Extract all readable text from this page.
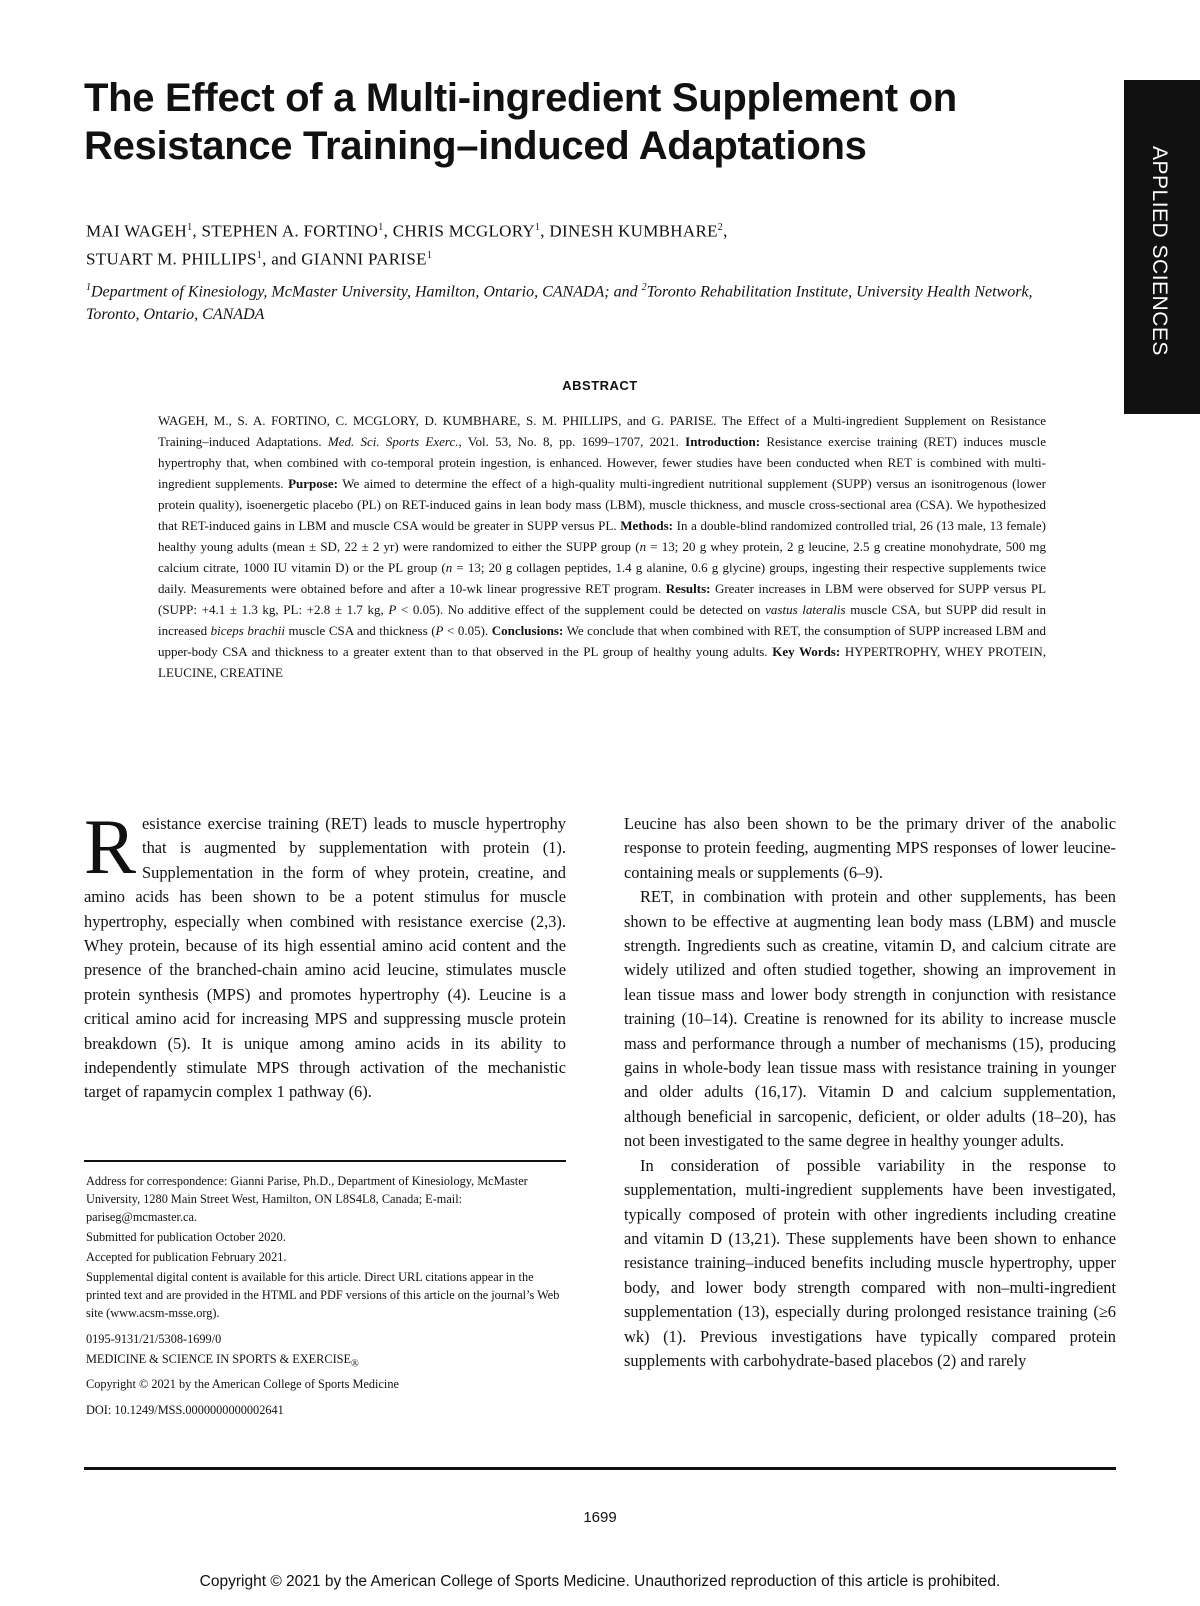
The Effect of a Multi-ingredient Supplement on
Resistance Training–induced Adaptations	APPLIED SCIENCES
MAI WAGEH$^1$, STEPHEN A. FORTINO$^1$, CHRIS MCGLORY$^1$, DINESH KUMBHARE$^2$,
STUART M. PHILLIPS$^1$, and GIANNI PARISE$^1$
$^1$Department of Kinesiology, McMaster University, Hamilton, Ontario, CANADA; and $^2$Toronto Rehabilitation Institute, University Health Network, Toronto, Ontario, CANADA
ABSTRACT
WAGEH, M., S. A. FORTINO, C. MCGLORY, D. KUMBHARE, S. M. PHILLIPS, and G. PARISE. The Effect of a Multi-ingredient Supplement on Resistance Training–induced Adaptations. Med. Sci. Sports Exerc., Vol. 53, No. 8, pp. 1699–1707, 2021. Introduction: Resistance exercise training (RET) induces muscle hypertrophy that, when combined with co-temporal protein ingestion, is enhanced. However, fewer studies have been conducted when RET is combined with multi-ingredient supplements. Purpose: We aimed to determine the effect of a high-quality multi-ingredient nutritional supplement (SUPP) versus an isonitrogenous (lower protein quality), isoenergetic placebo (PL) on RET-induced gains in lean body mass (LBM), muscle thickness, and muscle cross-sectional area (CSA). We hypothesized that RET-induced gains in LBM and muscle CSA would be greater in SUPP versus PL. Methods: In a double-blind randomized controlled trial, 26 (13 male, 13 female) healthy young adults (mean ± SD, 22 ± 2 yr) were randomized to either the SUPP group (n = 13; 20 g whey protein, 2 g leucine, 2.5 g creatine monohydrate, 500 mg calcium citrate, 1000 IU vitamin D) or the PL group (n = 13; 20 g collagen peptides, 1.4 g alanine, 0.6 g glycine) groups, ingesting their respective supplements twice daily. Measurements were obtained before and after a 10-wk linear progressive RET program. Results: Greater increases in LBM were observed for SUPP versus PL (SUPP: +4.1 ± 1.3 kg, PL: +2.8 ± 1.7 kg, P < 0.05). No additive effect of the supplement could be detected on vastus lateralis muscle CSA, but SUPP did result in increased biceps brachii muscle CSA and thickness (P < 0.05). Conclusions: We conclude that when combined with RET, the consumption of SUPP increased LBM and upper-body CSA and thickness to a greater extent than to that observed in the PL group of healthy young adults. Key Words: HYPERTROPHY, WHEY PROTEIN, LEUCINE, CREATINE

Resistance exercise training (RET) leads to muscle hypertrophy that is augmented by supplementation with protein (1). Supplementation in the form of whey protein, creatine, and amino acids has been shown to be a potent stimulus for muscle hypertrophy, especially when combined with resistance exercise (2,3). Whey protein, because of its high essential amino acid content and the presence of the branched-chain amino acid leucine, stimulates muscle protein synthesis (MPS) and promotes hypertrophy (4). Leucine is a critical amino acid for increasing MPS and suppressing muscle protein breakdown (5). It is unique among amino acids in its ability to independently stimulate MPS through activation of the mechanistic target of rapamycin complex 1 pathway (6).

Leucine has also been shown to be the primary driver of the anabolic response to protein feeding, augmenting MPS responses of lower leucine-containing meals or supplements (6–9).

RET, in combination with protein and other supplements, has been shown to be effective at augmenting lean body mass (LBM) and muscle strength. Ingredients such as creatine, vitamin D, and calcium citrate are widely utilized and often studied together, showing an improvement in lean tissue mass and lower body strength in conjunction with resistance training (10–14). Creatine is renowned for its ability to increase muscle mass and performance through a number of mechanisms (15), producing gains in whole-body lean tissue mass with resistance training in younger and older adults (16,17). Vitamin D and calcium supplementation, although beneficial in sarcopenic, deficient, or older adults (18–20), has not been investigated to the same degree in healthy younger adults.

In consideration of possible variability in the response to supplementation, multi-ingredient supplements have been investigated, typically composed of protein with other ingredients including creatine and vitamin D (13,21). These supplements have been shown to enhance resistance training–induced benefits including muscle hypertrophy, upper body, and lower body strength compared with non–multi-ingredient supplementation (13), especially during prolonged resistance training (≥6 wk) (1). Previous investigations have typically compared protein supplements with carbohydrate-based placebos (2) and rarely

Address for correspondence: Gianni Parise, Ph.D., Department of Kinesiology, McMaster University, 1280 Main Street West, Hamilton, ON L8S4L8, Canada; E-mail: pariseg@mcmaster.ca.

Submitted for publication October 2020.

Accepted for publication February 2021.

Supplemental digital content is available for this article. Direct URL citations appear in the printed text and are provided in the HTML and PDF versions of this article on the journal’s Web site (www.acsm-msse.org).

0195-9131/21/5308-1699/0

MEDICINE & SCIENCE IN SPORTS & $EXERCISE_®$

Copyright © 2021 by the American College of Sports Medicine

DOI: 10.1249/MSS.0000000000002641

1699
Copyright © 2021 by the American College of Sports Medicine. Unauthorized reproduction of this article is prohibited.
